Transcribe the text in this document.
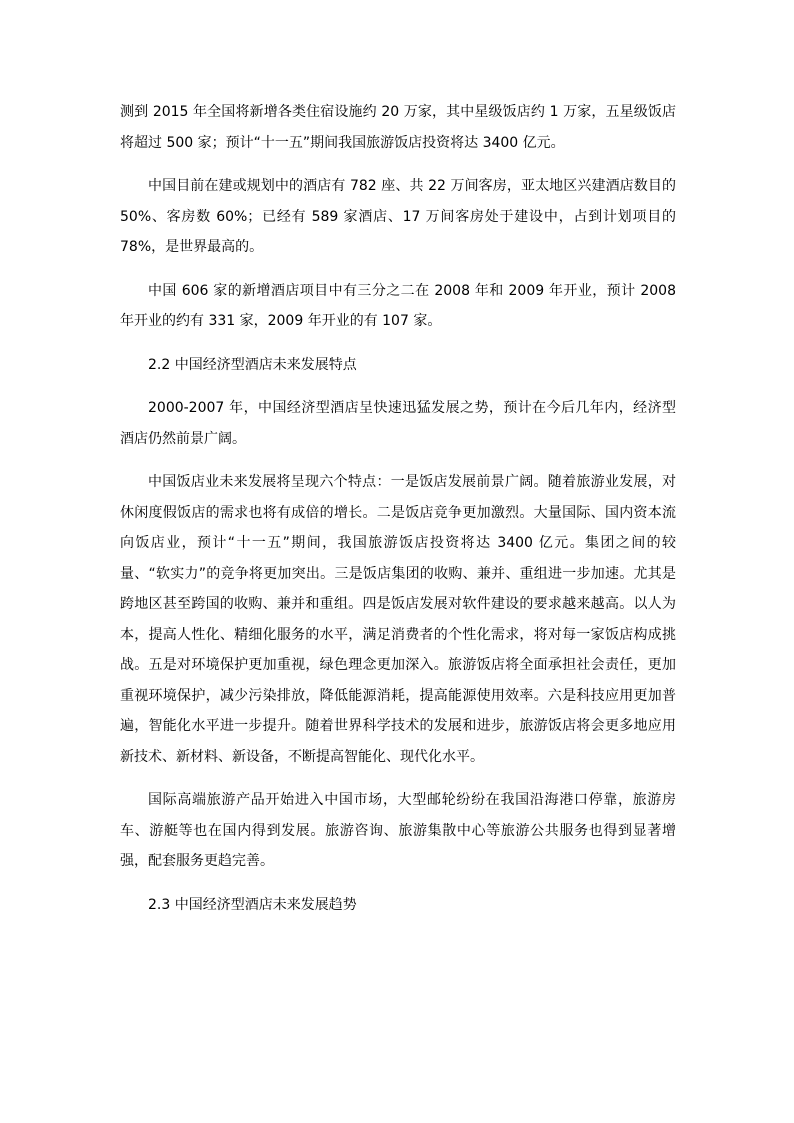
测到 2015 年全国将新增各类住宿设施约 20 万家，其中星级饭店约 1 万家，五星级饭店将超过 500 家；预计“十一五”期间我国旅游饭店投资将达 3400 亿元。

中国目前在建或规划中的酒店有 782 座、共 22 万间客房，亚太地区兴建酒店数目的 50%、客房数 60%；已经有 589 家酒店、17 万间客房处于建设中，占到计划项目的 78%，是世界最高的。

中国 606 家的新增酒店项目中有三分之二在 2008 年和 2009 年开业，预计 2008 年开业的约有 331 家，2009 年开业的有 107 家。

2.2 中国经济型酒店未来发展特点

2000-2007 年，中国经济型酒店呈快速迅猛发展之势，预计在今后几年内，经济型酒店仍然前景广阔。

中国饭店业未来发展将呈现六个特点：一是饭店发展前景广阔。随着旅游业发展，对休闲度假饭店的需求也将有成倍的增长。二是饭店竞争更加激烈。大量国际、国内资本流向饭店业，预计“十一五”期间，我国旅游饭店投资将达 3400 亿元。集团之间的较量、“软实力”的竞争将更加突出。三是饭店集团的收购、兼并、重组进一步加速。尤其是跨地区甚至跨国的收购、兼并和重组。四是饭店发展对软件建设的要求越来越高。以人为本，提高人性化、精细化服务的水平，满足消费者的个性化需求，将对每一家饭店构成挑战。五是对环境保护更加重视，绿色理念更加深入。旅游饭店将全面承担社会责任，更加重视环境保护，减少污染排放，降低能源消耗，提高能源使用效率。六是科技应用更加普遍，智能化水平进一步提升。随着世界科学技术的发展和进步，旅游饭店将会更多地应用新技术、新材料、新设备，不断提高智能化、现代化水平。

国际高端旅游产品开始进入中国市场，大型邮轮纷纷在我国沿海港口停靠，旅游房车、游艇等也在国内得到发展。旅游咨询、旅游集散中心等旅游公共服务也得到显著增强，配套服务更趋完善。

2.3 中国经济型酒店未来发展趋势
